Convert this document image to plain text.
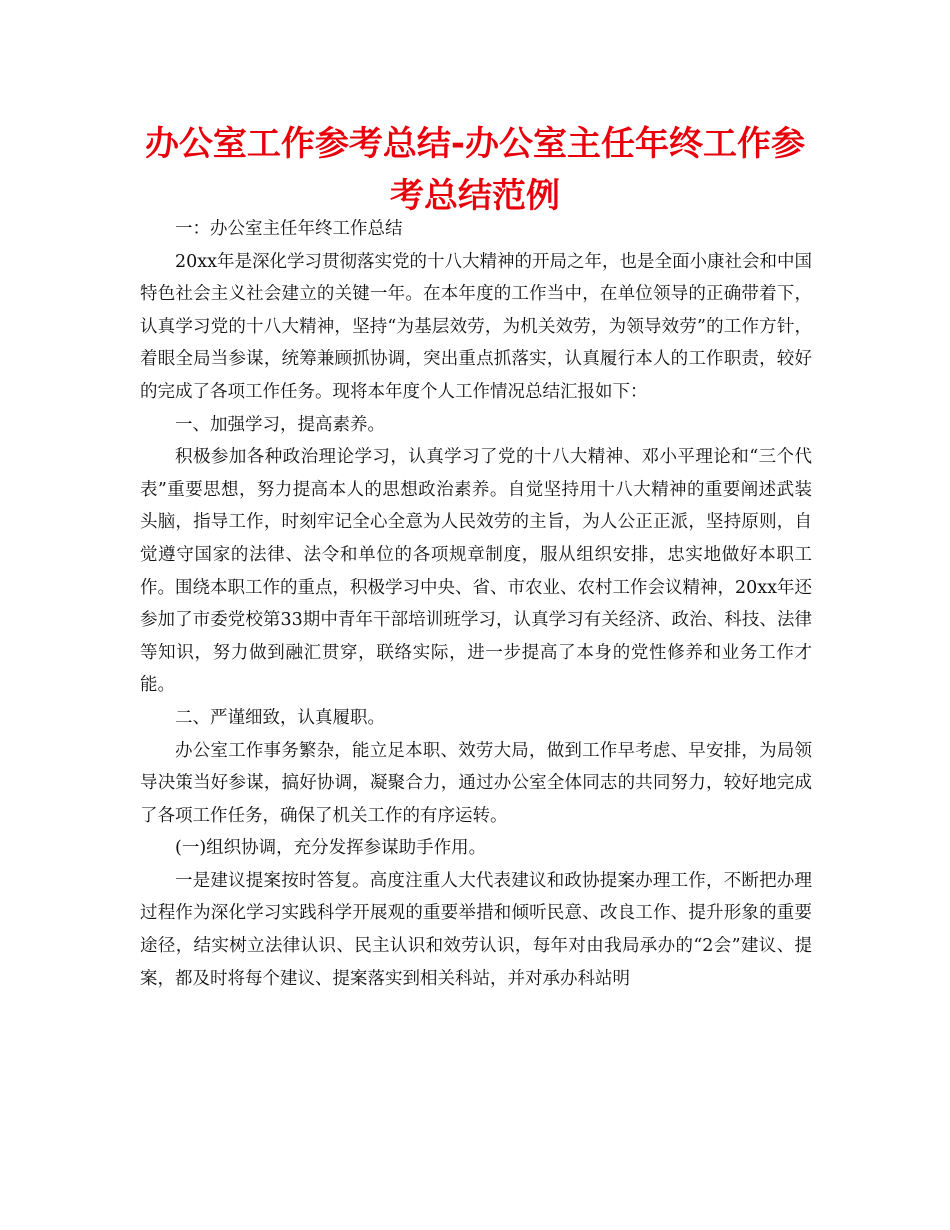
办公室工作参考总结-办公室主任年终工作参考总结范例

一：办公室主任年终工作总结

20xx年是深化学习贯彻落实党的十八大精神的开局之年，也是全面小康社会和中国特色社会主义社会建立的关键一年。在本年度的工作当中，在单位领导的正确带着下，认真学习党的十八大精神，坚持“为基层效劳，为机关效劳，为领导效劳”的工作方针，着眼全局当参谋，统筹兼顾抓协调，突出重点抓落实，认真履行本人的工作职责，较好的完成了各项工作任务。现将本年度个人工作情况总结汇报如下：

一、加强学习，提高素养。

积极参加各种政治理论学习，认真学习了党的十八大精神、邓小平理论和“三个代表”重要思想，努力提高本人的思想政治素养。自觉坚持用十八大精神的重要阐述武装头脑，指导工作，时刻牢记全心全意为人民效劳的主旨，为人公正正派，坚持原则，自觉遵守国家的法律、法令和单位的各项规章制度，服从组织安排，忠实地做好本职工作。围绕本职工作的重点，积极学习中央、省、市农业、农村工作会议精神，20xx年还参加了市委党校第33期中青年干部培训班学习，认真学习有关经济、政治、科技、法律等知识，努力做到融汇贯穿，联络实际，进一步提高了本身的党性修养和业务工作才能。

二、严谨细致，认真履职。

办公室工作事务繁杂，能立足本职、效劳大局，做到工作早考虑、早安排，为局领导决策当好参谋，搞好协调，凝聚合力，通过办公室全体同志的共同努力，较好地完成了各项工作任务，确保了机关工作的有序运转。

(一)组织协调，充分发挥参谋助手作用。

一是建议提案按时答复。高度注重人大代表建议和政协提案办理工作，不断把办理过程作为深化学习实践科学开展观的重要举措和倾听民意、改良工作、提升形象的重要途径，结实树立法律认识、民主认识和效劳认识，每年对由我局承办的“2会”建议、提案，都及时将每个建议、提案落实到相关科站，并对承办科站明
